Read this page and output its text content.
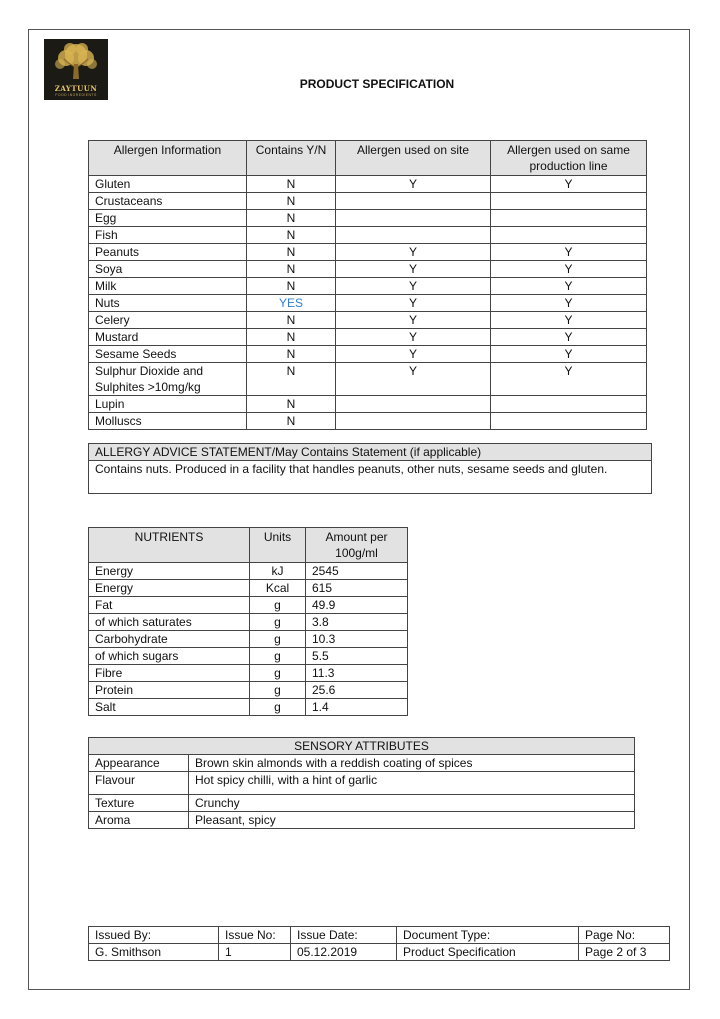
ZAYTUUN
FOOD INGREDIENTS
PRODUCT SPECIFICATION
Allergen Information	Contains Y/N	Allergen used on site	Allergen used on same production line
Gluten	N	Y	Y
Crustaceans	N		
Egg	N		
Fish	N		
Peanuts	N	Y	Y
Soya	N	Y	Y
Milk	N	Y	Y
Nuts	YES	Y	Y
Celery	N	Y	Y
Mustard	N	Y	Y
Sesame Seeds	N	Y	Y
Sulphur Dioxide and Sulphites >10mg/kg	N	Y	Y
Lupin	N		
Molluscs	N		
ALLERGY ADVICE STATEMENT/May Contains Statement (if applicable)
Contains nuts. Produced in a facility that handles peanuts, other nuts, sesame seeds and gluten.
NUTRIENTS	Units	Amount per 100g/ml
Energy	kJ	2545
Energy	Kcal	615
Fat	g	49.9
of which saturates	g	3.8
Carbohydrate	g	10.3
of which sugars	g	5.5
Fibre	g	11.3
Protein	g	25.6
Salt	g	1.4
SENSORY ATTRIBUTES	
Appearance	Brown skin almonds with a reddish coating of spices
Flavour	Hot spicy chilli, with a hint of garlic
Texture	Crunchy
Aroma	Pleasant, spicy
Issued By:	Issue No:	Issue Date:	Document Type:	Page No:
G. Smithson	1	05.12.2019	Product Specification	Page 2 of 3
